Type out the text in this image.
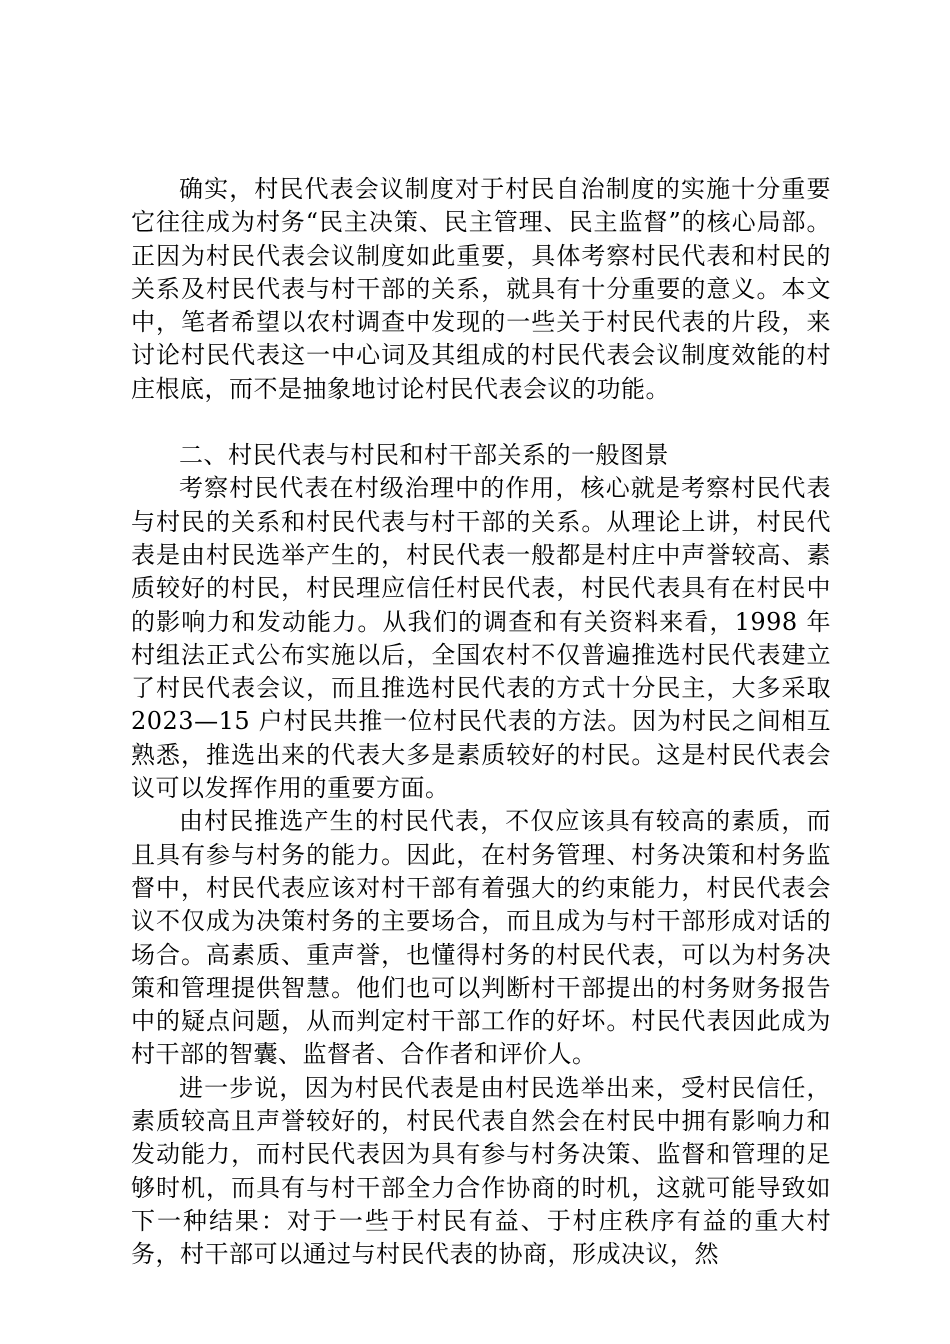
确实，村民代表会议制度对于村民自治制度的实施十分重要它往往成为村务“民主决策、民主管理、民主监督”的核心局部。正因为村民代表会议制度如此重要，具体考察村民代表和村民的关系及村民代表与村干部的关系，就具有十分重要的意义。本文中，笔者希望以农村调查中发现的一些关于村民代表的片段，来讨论村民代表这一中心词及其组成的村民代表会议制度效能的村庄根底，而不是抽象地讨论村民代表会议的功能。

二、村民代表与村民和村干部关系的一般图景

考察村民代表在村级治理中的作用，核心就是考察村民代表与村民的关系和村民代表与村干部的关系。从理论上讲，村民代表是由村民选举产生的，村民代表一般都是村庄中声誉较高、素质较好的村民，村民理应信任村民代表，村民代表具有在村民中的影响力和发动能力。从我们的调查和有关资料来看，1998 年村组法正式公布实施以后，全国农村不仅普遍推选村民代表建立了村民代表会议，而且推选村民代表的方式十分民主，大多采取 2023—15 户村民共推一位村民代表的方法。因为村民之间相互熟悉，推选出来的代表大多是素质较好的村民。这是村民代表会议可以发挥作用的重要方面。

由村民推选产生的村民代表，不仅应该具有较高的素质，而且具有参与村务的能力。因此，在村务管理、村务决策和村务监督中，村民代表应该对村干部有着强大的约束能力，村民代表会议不仅成为决策村务的主要场合，而且成为与村干部形成对话的场合。高素质、重声誉，也懂得村务的村民代表，可以为村务决策和管理提供智慧。他们也可以判断村干部提出的村务财务报告中的疑点问题，从而判定村干部工作的好坏。村民代表因此成为村干部的智囊、监督者、合作者和评价人。

进一步说，因为村民代表是由村民选举出来，受村民信任，素质较高且声誉较好的，村民代表自然会在村民中拥有影响力和发动能力，而村民代表因为具有参与村务决策、监督和管理的足够时机，而具有与村干部全力合作协商的时机，这就可能导致如下一种结果：对于一些于村民有益、于村庄秩序有益的重大村务，村干部可以通过与村民代表的协商，形成决议，然
